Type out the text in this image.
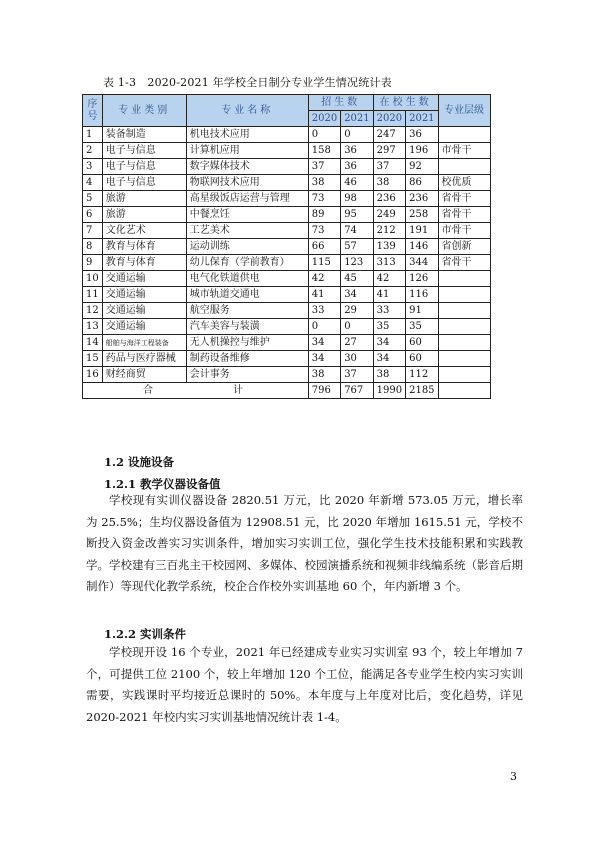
表 1-3　2020-2021 年学校全日制分专业学生情况统计表
序号	专业类别	专业名称	招生数		在校生数		专业层级
			2020	2021	2020	2021	
1	装备制造	机电技术应用	0	0	247	36	
2	电子与信息	计算机应用	158	36	297	196	市骨干
3	电子与信息	数字媒体技术	37	36	37	92	
4	电子与信息	物联网技术应用	38	46	38	86	校优质
5	旅游	高星级饭店运营与管理	73	98	236	236	省骨干
6	旅游	中餐烹饪	89	95	249	258	省骨干
7	文化艺术	工艺美术	73	74	212	191	市骨干
8	教育与体育	运动训练	66	57	139	146	省创新
9	教育与体育	幼儿保育（学前教育）	115	123	313	344	省骨干
10	交通运输	电气化铁道供电	42	45	42	126	
11	交通运输	城市轨道交通电	41	34	41	116	
12	交通运输	航空服务	33	29	33	91	
13	交通运输	汽车美容与装潢	0	0	35	35	
14	船舶与海洋工程装备	无人机操控与维护	34	27	34	60	
15	药品与医疗器械	制药设备维修	34	30	34	60	
16	财经商贸	会计事务	38	37	38	112	
合 计			796	767	1990	2185	
1.2 设施设备
1.2.1 教学仪器设备值

学校现有实训仪器设备 2820.51 万元，比 2020 年新增 573.05 万元，增长率为 25.5%；生均仪器设备值为 12908.51 元，比 2020 年增加 1615.51 元，学校不断投入资金改善实习实训条件，增加实习实训工位，强化学生技术技能积累和实践教学。学校建有三百兆主干校园网、多媒体、校园演播系统和视频非线编系统（影音后期制作）等现代化教学系统，校企合作校外实训基地 60 个，年内新增 3 个。

1.2.2 实训条件

学校现开设 16 个专业，2021 年已经建成专业实习实训室 93 个，较上年增加 7 个，可提供工位 2100 个，较上年增加 120 个工位，能满足各专业学生校内实习实训需要，实践课时平均接近总课时的 50%。本年度与上年度对比后，变化趋势，详见 2020-2021 年校内实习实训基地情况统计表 1-4。

3
